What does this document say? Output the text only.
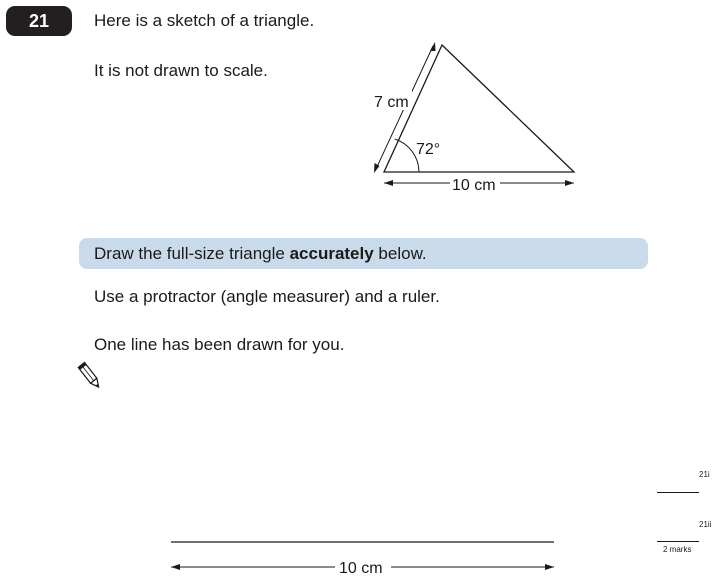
21	Here is a sketch of a triangle.
It is not drawn to scale.
7 cm
72°
10 cm
Draw the full-size triangle accurately below.
Use a protractor (angle measurer) and a ruler.
One line has been drawn for you.
10 cm
21i
21ii
2 marks
